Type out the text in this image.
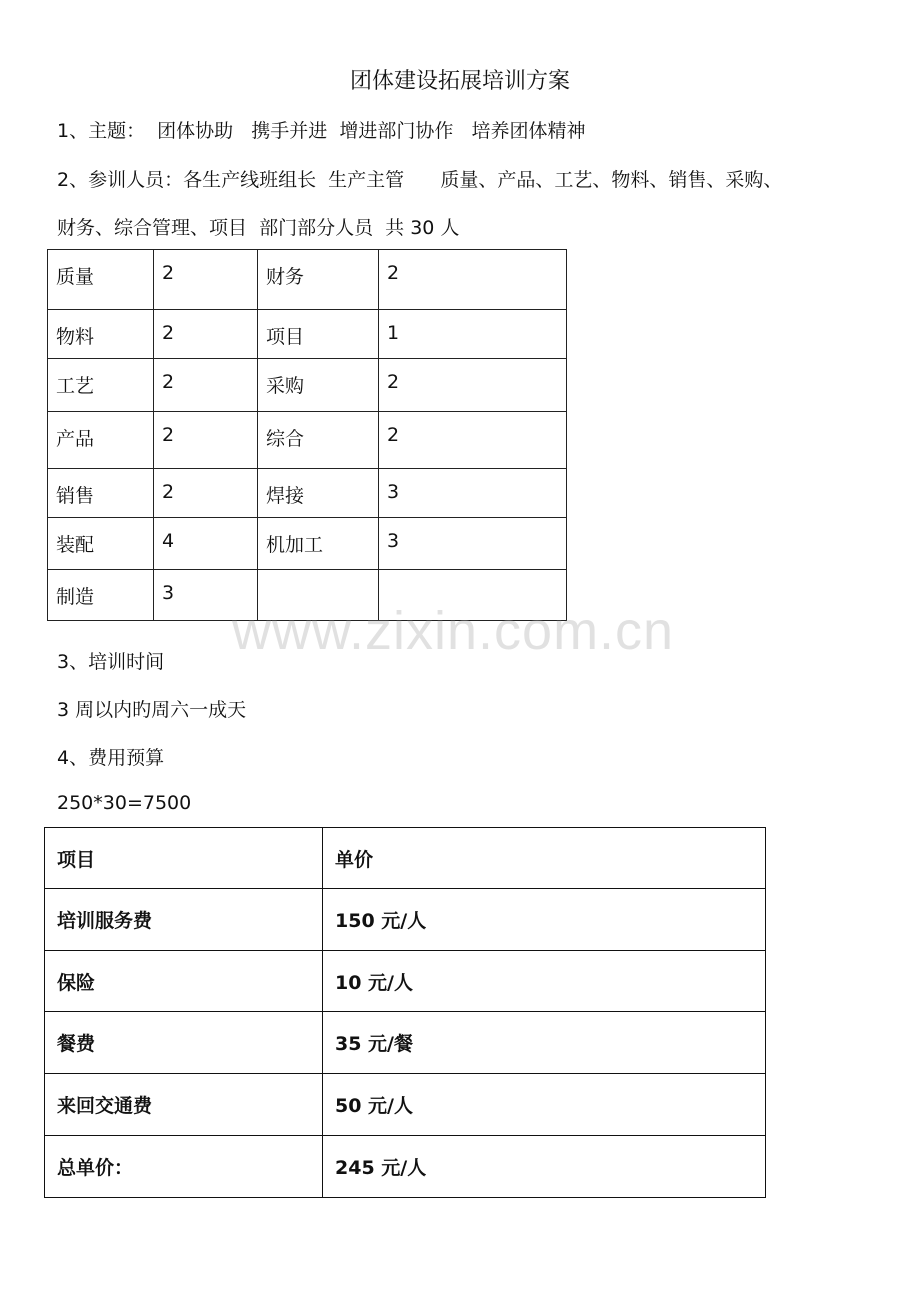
团体建设拓展培训方案
1、主题：  团体协助   携手并进  增进部门协作   培养团体精神
2、参训人员：各生产线班组长  生产主管      质量、产品、工艺、物料、销售、采购、
财务、综合管理、项目  部门部分人员  共 30 人
质量	2	财务	2
物料	2	项目	1
工艺	2	采购	2
产品	2	综合	2
销售	2	焊接	3
装配	4	机加工	3
制造	3		
www.zixin.com.cn
3、培训时间
3 周以内旳周六一成天
4、费用预算
250*30=7500
项目	单价
培训服务费	150 元/人
保险	10 元/人
餐费	35 元/餐
来回交通费	50 元/人
总单价：	245 元/人
